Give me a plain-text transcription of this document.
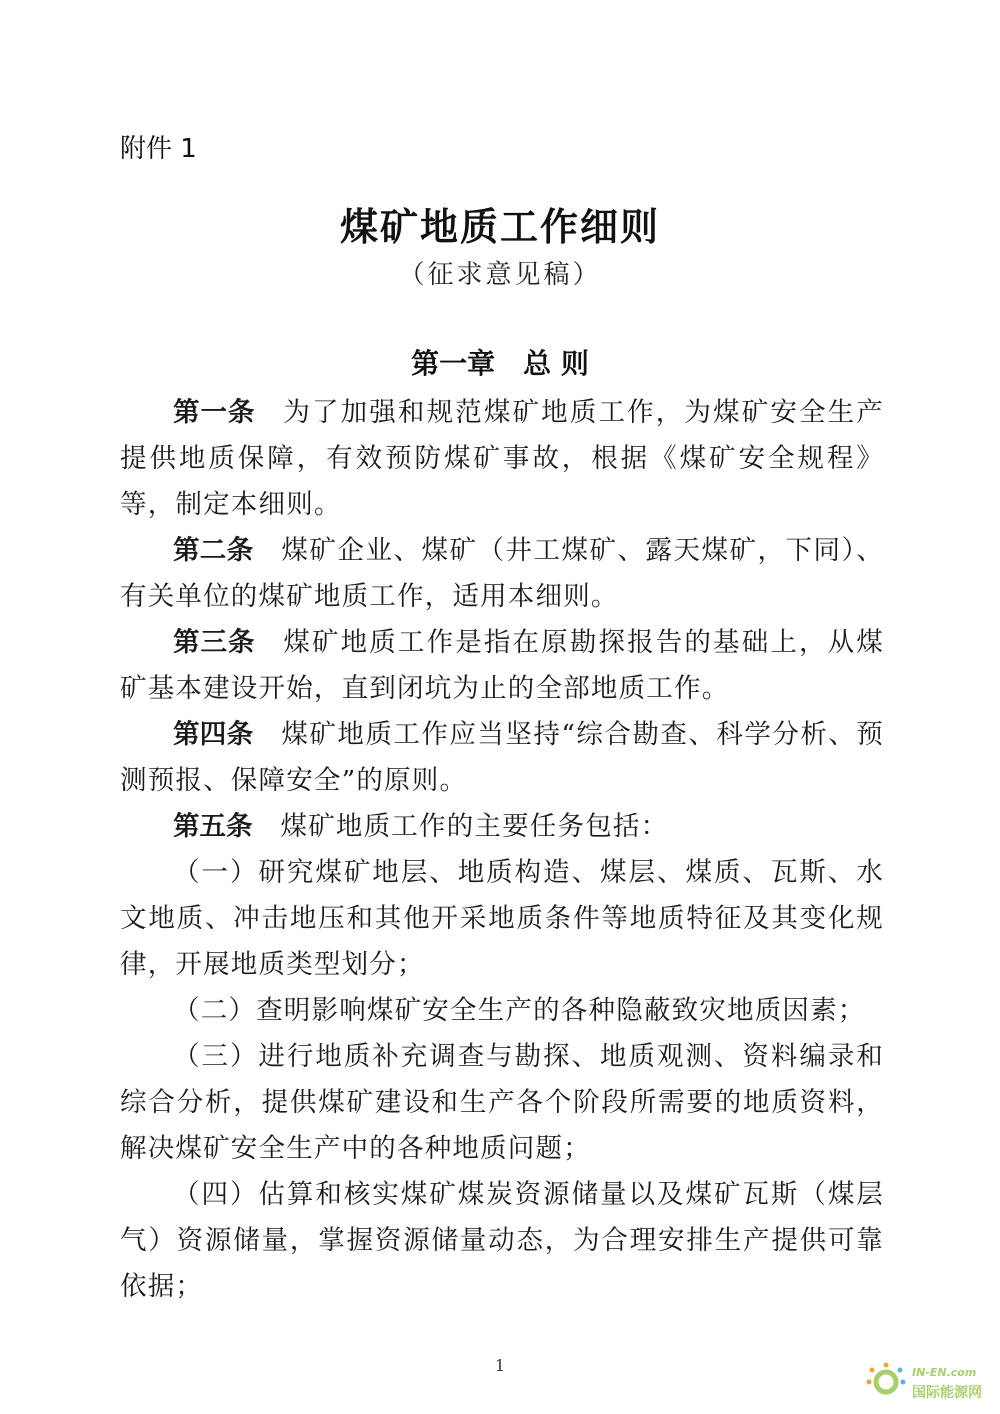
附件 1
煤矿地质工作细则
（征求意见稿）
第一章　总 则

第一条 为了加强和规范煤矿地质工作，为煤矿安全生产提供地质保障，有效预防煤矿事故，根据《煤矿安全规程》等，制定本细则。

第二条 煤矿企业、煤矿（井工煤矿、露天煤矿，下同）、有关单位的煤矿地质工作，适用本细则。

第三条 煤矿地质工作是指在原勘探报告的基础上，从煤矿基本建设开始，直到闭坑为止的全部地质工作。

第四条 煤矿地质工作应当坚持“综合勘查、科学分析、预测预报、保障安全”的原则。

第五条 煤矿地质工作的主要任务包括：

（一）研究煤矿地层、地质构造、煤层、煤质、瓦斯、水文地质、冲击地压和其他开采地质条件等地质特征及其变化规律，开展地质类型划分；

（二）查明影响煤矿安全生产的各种隐蔽致灾地质因素；

（三）进行地质补充调查与勘探、地质观测、资料编录和综合分析，提供煤矿建设和生产各个阶段所需要的地质资料，解决煤矿安全生产中的各种地质问题；

（四）估算和核实煤矿煤炭资源储量以及煤矿瓦斯（煤层气）资源储量，掌握资源储量动态，为合理安排生产提供可靠依据；

1	IN-EN.com
国际能源网
